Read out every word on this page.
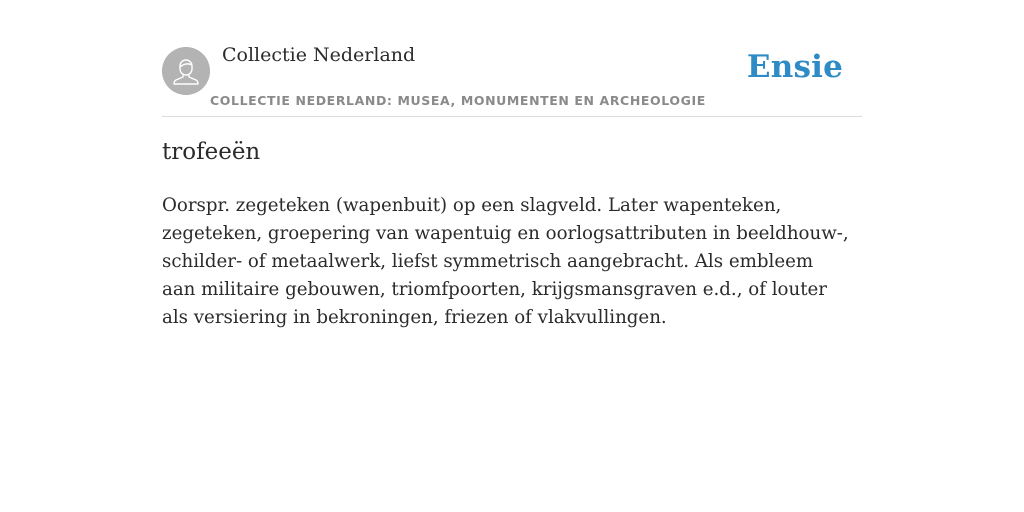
Collectie Nederland
COLLECTIE NEDERLAND: MUSEA, MONUMENTEN EN ARCHEOLOGIE
Ensie
trofeeën

Oorspr. zegeteken (wapenbuit) op een slagveld. Later wapenteken, zegeteken, groepering van wapentuig en oorlogsattributen in beeldhouw-, schilder- of metaalwerk, liefst symmetrisch aangebracht. Als embleem aan militaire gebouwen, triomfpoorten, krijgsmansgraven e.d., of louter als versiering in bekroningen, friezen of vlakvullingen.
